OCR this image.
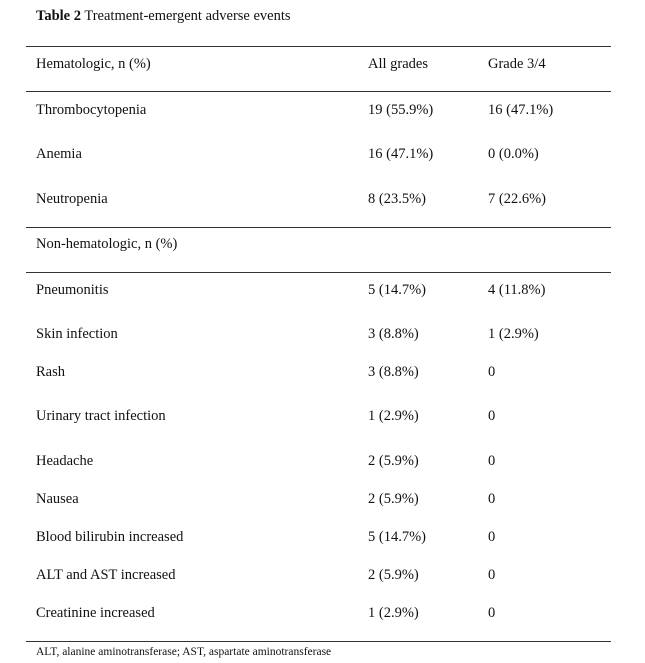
Table 2 Treatment-emergent adverse events
Hematologic, n (%)	All grades	Grade 3/4
Thrombocytopenia	19 (55.9%)	16 (47.1%)
Anemia	16 (47.1%)	0 (0.0%)
Neutropenia	8 (23.5%)	7 (22.6%)
Non-hematologic, n (%)
Pneumonitis	5 (14.7%)	4 (11.8%)
Skin infection	3 (8.8%)	1 (2.9%)
Rash	3 (8.8%)	0
Urinary tract infection	1 (2.9%)	0
Headache	2 (5.9%)	0
Nausea	2 (5.9%)	0
Blood bilirubin increased	5 (14.7%)	0
ALT and AST increased	2 (5.9%)	0
Creatinine increased	1 (2.9%)	0
ALT, alanine aminotransferase; AST, aspartate aminotransferase
